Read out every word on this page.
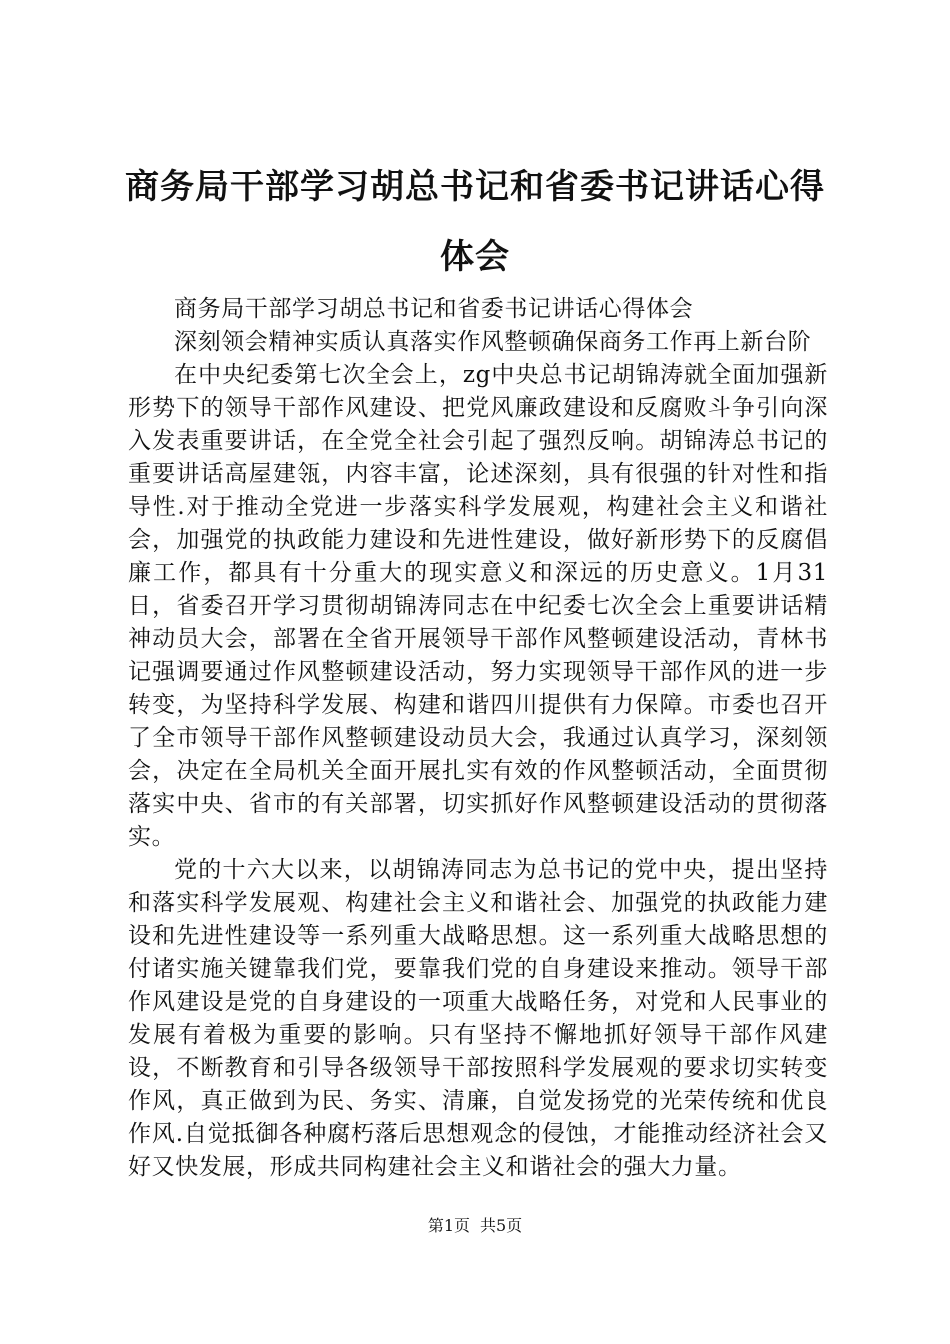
商务局干部学习胡总书记和省委书记讲话心得体会

商务局干部学习胡总书记和省委书记讲话心得体会

深刻领会精神实质认真落实作风整顿确保商务工作再上新台阶

在中央纪委第七次全会上，zg中央总书记胡锦涛就全面加强新形势下的领导干部作风建设、把党风廉政建设和反腐败斗争引向深入发表重要讲话，在全党全社会引起了强烈反响。胡锦涛总书记的重要讲话高屋建瓴，内容丰富，论述深刻，具有很强的针对性和指导性.对于推动全党进一步落实科学发展观，构建社会主义和谐社会，加强党的执政能力建设和先进性建设，做好新形势下的反腐倡廉工作，都具有十分重大的现实意义和深远的历史意义。1月31日，省委召开学习贯彻胡锦涛同志在中纪委七次全会上重要讲话精神动员大会，部署在全省开展领导干部作风整顿建设活动，青林书记强调要通过作风整顿建设活动，努力实现领导干部作风的进一步转变，为坚持科学发展、构建和谐四川提供有力保障。市委也召开了全市领导干部作风整顿建设动员大会，我通过认真学习，深刻领会，决定在全局机关全面开展扎实有效的作风整顿活动，全面贯彻落实中央、省市的有关部署，切实抓好作风整顿建设活动的贯彻落实。

党的十六大以来，以胡锦涛同志为总书记的党中央，提出坚持和落实科学发展观、构建社会主义和谐社会、加强党的执政能力建设和先进性建设等一系列重大战略思想。这一系列重大战略思想的付诸实施关键靠我们党，要靠我们党的自身建设来推动。领导干部作风建设是党的自身建设的一项重大战略任务，对党和人民事业的发展有着极为重要的影响。只有坚持不懈地抓好领导干部作风建设，不断教育和引导各级领导干部按照科学发展观的要求切实转变作风，真正做到为民、务实、清廉，自觉发扬党的光荣传统和优良作风.自觉抵御各种腐朽落后思想观念的侵蚀，才能推动经济社会又好又快发展，形成共同构建社会主义和谐社会的强大力量。

第1页 共5页
